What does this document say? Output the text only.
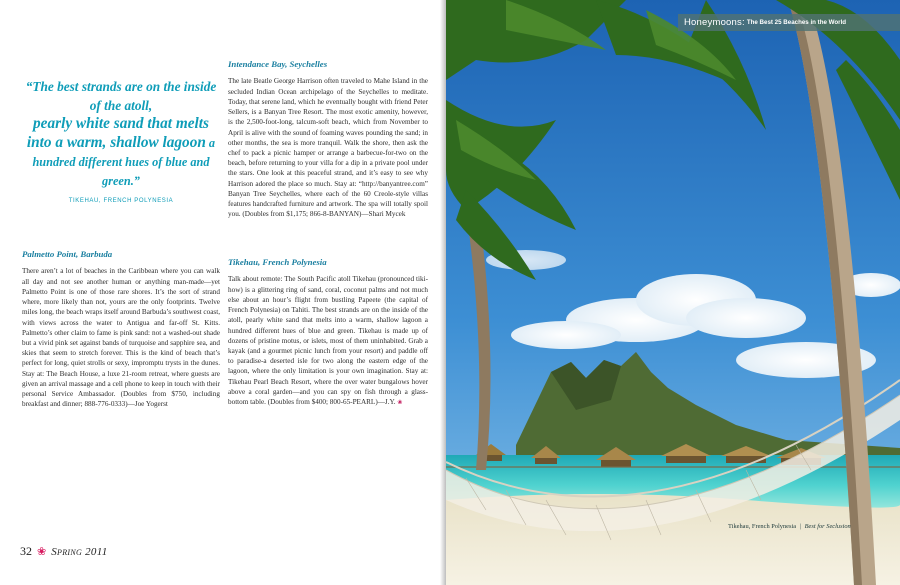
“The best strands are on the inside of the atoll,
pearly white sand that melts into a warm, shallow lagoon a
hundred different hues of blue and green.”
TIKEHAU, FRENCH POLYNESIA
Palmetto Point, Barbuda

There aren’t a lot of beaches in the Caribbean where you can walk all day and not see another human or anything man-made—yet Palmetto Point is one of those rare shores. It’s the sort of strand where, more likely than not, yours are the only footprints. Twelve miles long, the beach wraps itself around Barbuda’s southwest coast, with views across the water to Antigua and far-off St. Kitts. Palmetto’s other claim to fame is pink sand: not a washed-out shade but a vivid pink set against bands of turquoise and sapphire sea, and skies that seem to stretch forever. This is the kind of beach that’s perfect for long, quiet strolls or sexy, impromptu trysts in the dunes. Stay at: The Beach House, a luxe 21-room retreat, where guests are given an arrival massage and a cell phone to keep in touch with their personal Service Ambassador. (Doubles from $750, including breakfast and dinner; 888-776-0333)—Joe Yogerst

Intendance Bay, Seychelles

The late Beatle George Harrison often traveled to Mahe Island in the secluded Indian Ocean archipelago of the Seychelles to meditate. Today, that serene land, which he eventually bought with friend Peter Sellers, is a Banyan Tree Resort. The most exotic amenity, however, is the 2,500-foot-long, talcum-soft beach, which from November to April is alive with the sound of foaming waves pounding the sand; in other months, the sea is more tranquil. Walk the shore, then ask the chef to pack a picnic hamper or arrange a barbecue-for-two on the beach, before returning to your villa for a dip in a private pool under the stars. One look at this peaceful strand, and it’s easy to see why Harrison adored the place so much. Stay at: “http://banyantree.com” Banyan Tree Seychelles, where each of the 60 Creole-style villas features handcrafted furniture and artwork. The spa will totally spoil you. (Doubles from $1,175; 866-8-BANYAN)—Shari Mycek

Tikehau, French Polynesia

Talk about remote: The South Pacific atoll Tikehau (pronounced tiki-how) is a glittering ring of sand, coral, coconut palms and not much else about an hour’s flight from bustling Papeete (the capital of French Polynesia) on Tahiti. The best strands are on the inside of the atoll, pearly white sand that melts into a warm, shallow lagoon a hundred different hues of blue and green. Tikehau is made up of dozens of pristine motus, or islets, most of them uninhabited. Grab a kayak (and a gourmet picnic lunch from your resort) and paddle off to paradise-a deserted isle for two along the eastern edge of the lagoon, where the only limitation is your own imagination. Stay at: Tikehau Pearl Beach Resort, where the over water bungalows hover above a coral garden—and you can spy on fish through a glass-bottom table. (Doubles from $400; 800-65-PEARL)—J.Y. ❀

32 ❀ Spring 2011
Honeymoons: The Best 25 Beaches in the World
Tikehau, French Polynesia | Best for Seclusion
